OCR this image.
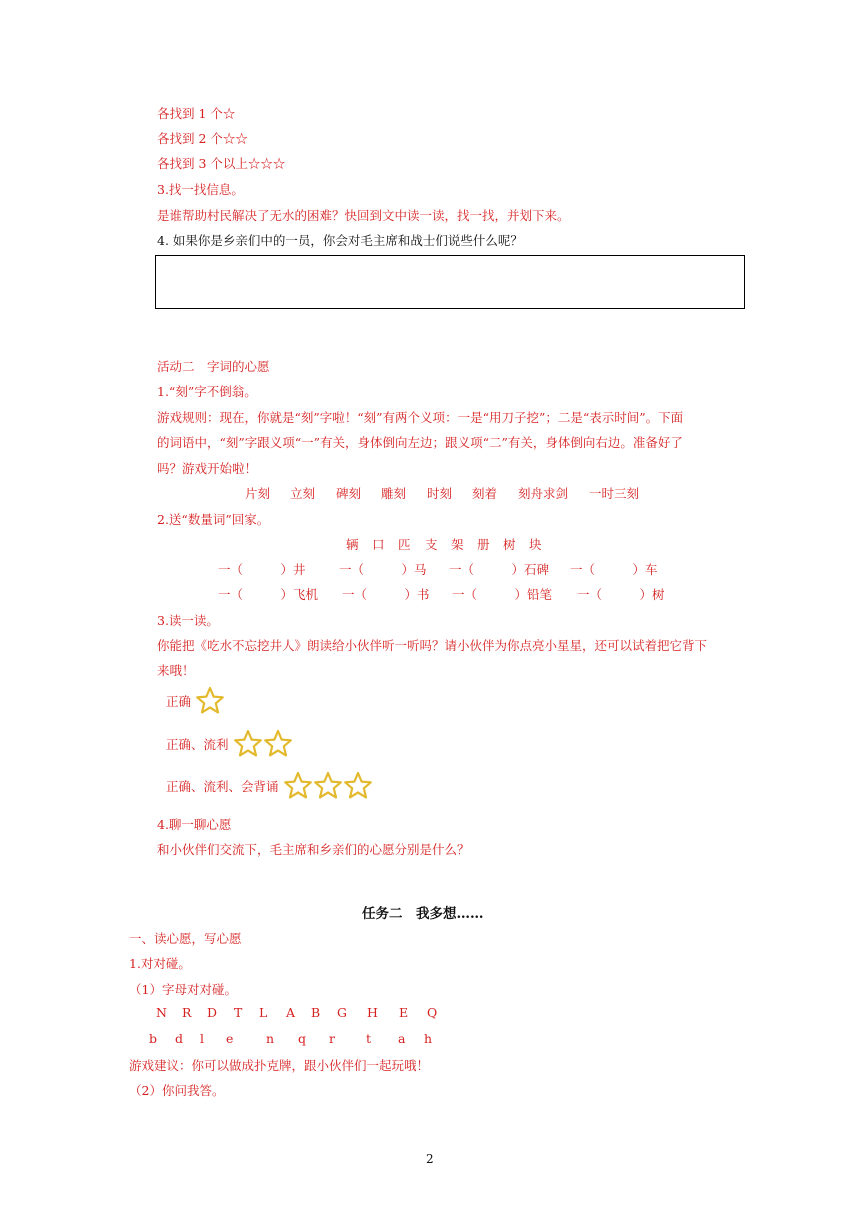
各找到 1 个☆
各找到 2 个☆☆
各找到 3 个以上☆☆☆
3.找一找信息。
是谁帮助村民解决了无水的困难？快回到文中读一读，找一找，并划下来。
4. 如果你是乡亲们中的一员，你会对毛主席和战士们说些什么呢？
活动二　字词的心愿
1.“刻”字不倒翁。
游戏规则：现在，你就是“刻”字啦！“刻”有两个义项：一是“用刀子挖”；二是“表示时间”。下面
的词语中，“刻”字跟义项“一”有关，身体倒向左边；跟义项“二”有关，身体倒向右边。准备好了
吗？游戏开始啦！
片刻 立刻 碑刻 雕刻 时刻 刻着 刻舟求剑 一时三刻
2.送“数量词”回家。
辆 口 匹 支 架 册 树 块
一（　　　）井	一（　　　）马 一（　　　）石碑 一（　　　）车
一（　　　）飞机 一（　　　）书 一（　　　）铅笔 一（　　　）树
3.读一读。
你能把《吃水不忘挖井人》朗读给小伙伴听一听吗？请小伙伴为你点亮小星星，还可以试着把它背下
来哦！
正确
正确、流利
正确、流利、会背诵
4.聊一聊心愿
和小伙伴们交流下，毛主席和乡亲们的心愿分别是什么？
任务二　我多想……
一、读心愿，写心愿
1.对对碰。
（1）字母对对碰。
N R D T L A B G H E Q
b d l e	n q r t a h
游戏建议：你可以做成扑克牌，跟小伙伴们一起玩哦！
（2）你问我答。
2
